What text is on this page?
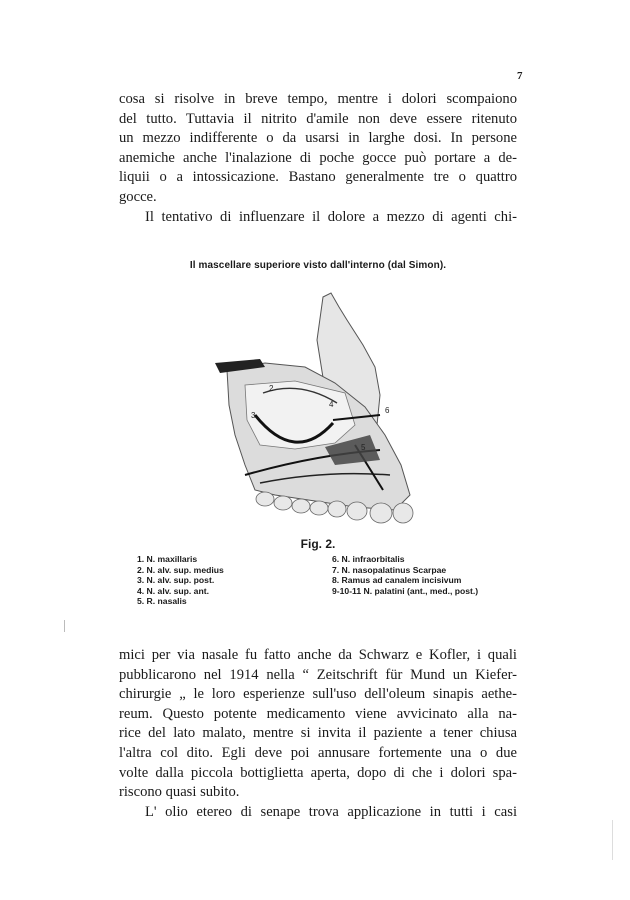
7
cosa si risolve in breve tempo, mentre i dolori scompaiono
del tutto. Tuttavia il nitrito d'amile non deve essere ritenuto
un mezzo indifferente o da usarsi in larghe dosi. In persone
anemiche anche l'inalazione di poche gocce può portare a de-
liquii o a intossicazione. Bastano generalmente tre o quattro
gocce.
Il tentativo di influenzare il dolore a mezzo di agenti chi-
Il mascellare superiore visto dall'interno (dal Simon).
2
3
4
5
6
Fig. 2.
1. N. maxillaris
2. N. alv. sup. medius
3. N. alv. sup. post.
4. N. alv. sup. ant.
5. R. nasalis
6. N. infraorbitalis
7. N. nasopalatinus Scarpae
8. Ramus ad canalem incisivum
9-10-11 N. palatini (ant., med., post.)
mici per via nasale fu fatto anche da Schwarz e Kofler, i quali
pubblicarono nel 1914 nella “ Zeitschrift für Mund un Kiefer-
chirurgie „ le loro esperienze sull'uso dell'oleum sinapis aethe-
reum. Questo potente medicamento viene avvicinato alla na-
rice del lato malato, mentre si invita il paziente a tener chiusa
l'altra col dito. Egli deve poi annusare fortemente una o due
volte dalla piccola bottiglietta aperta, dopo di che i dolori spa-
riscono quasi subito.
L' olio etereo di senape trova applicazione in tutti i casi
